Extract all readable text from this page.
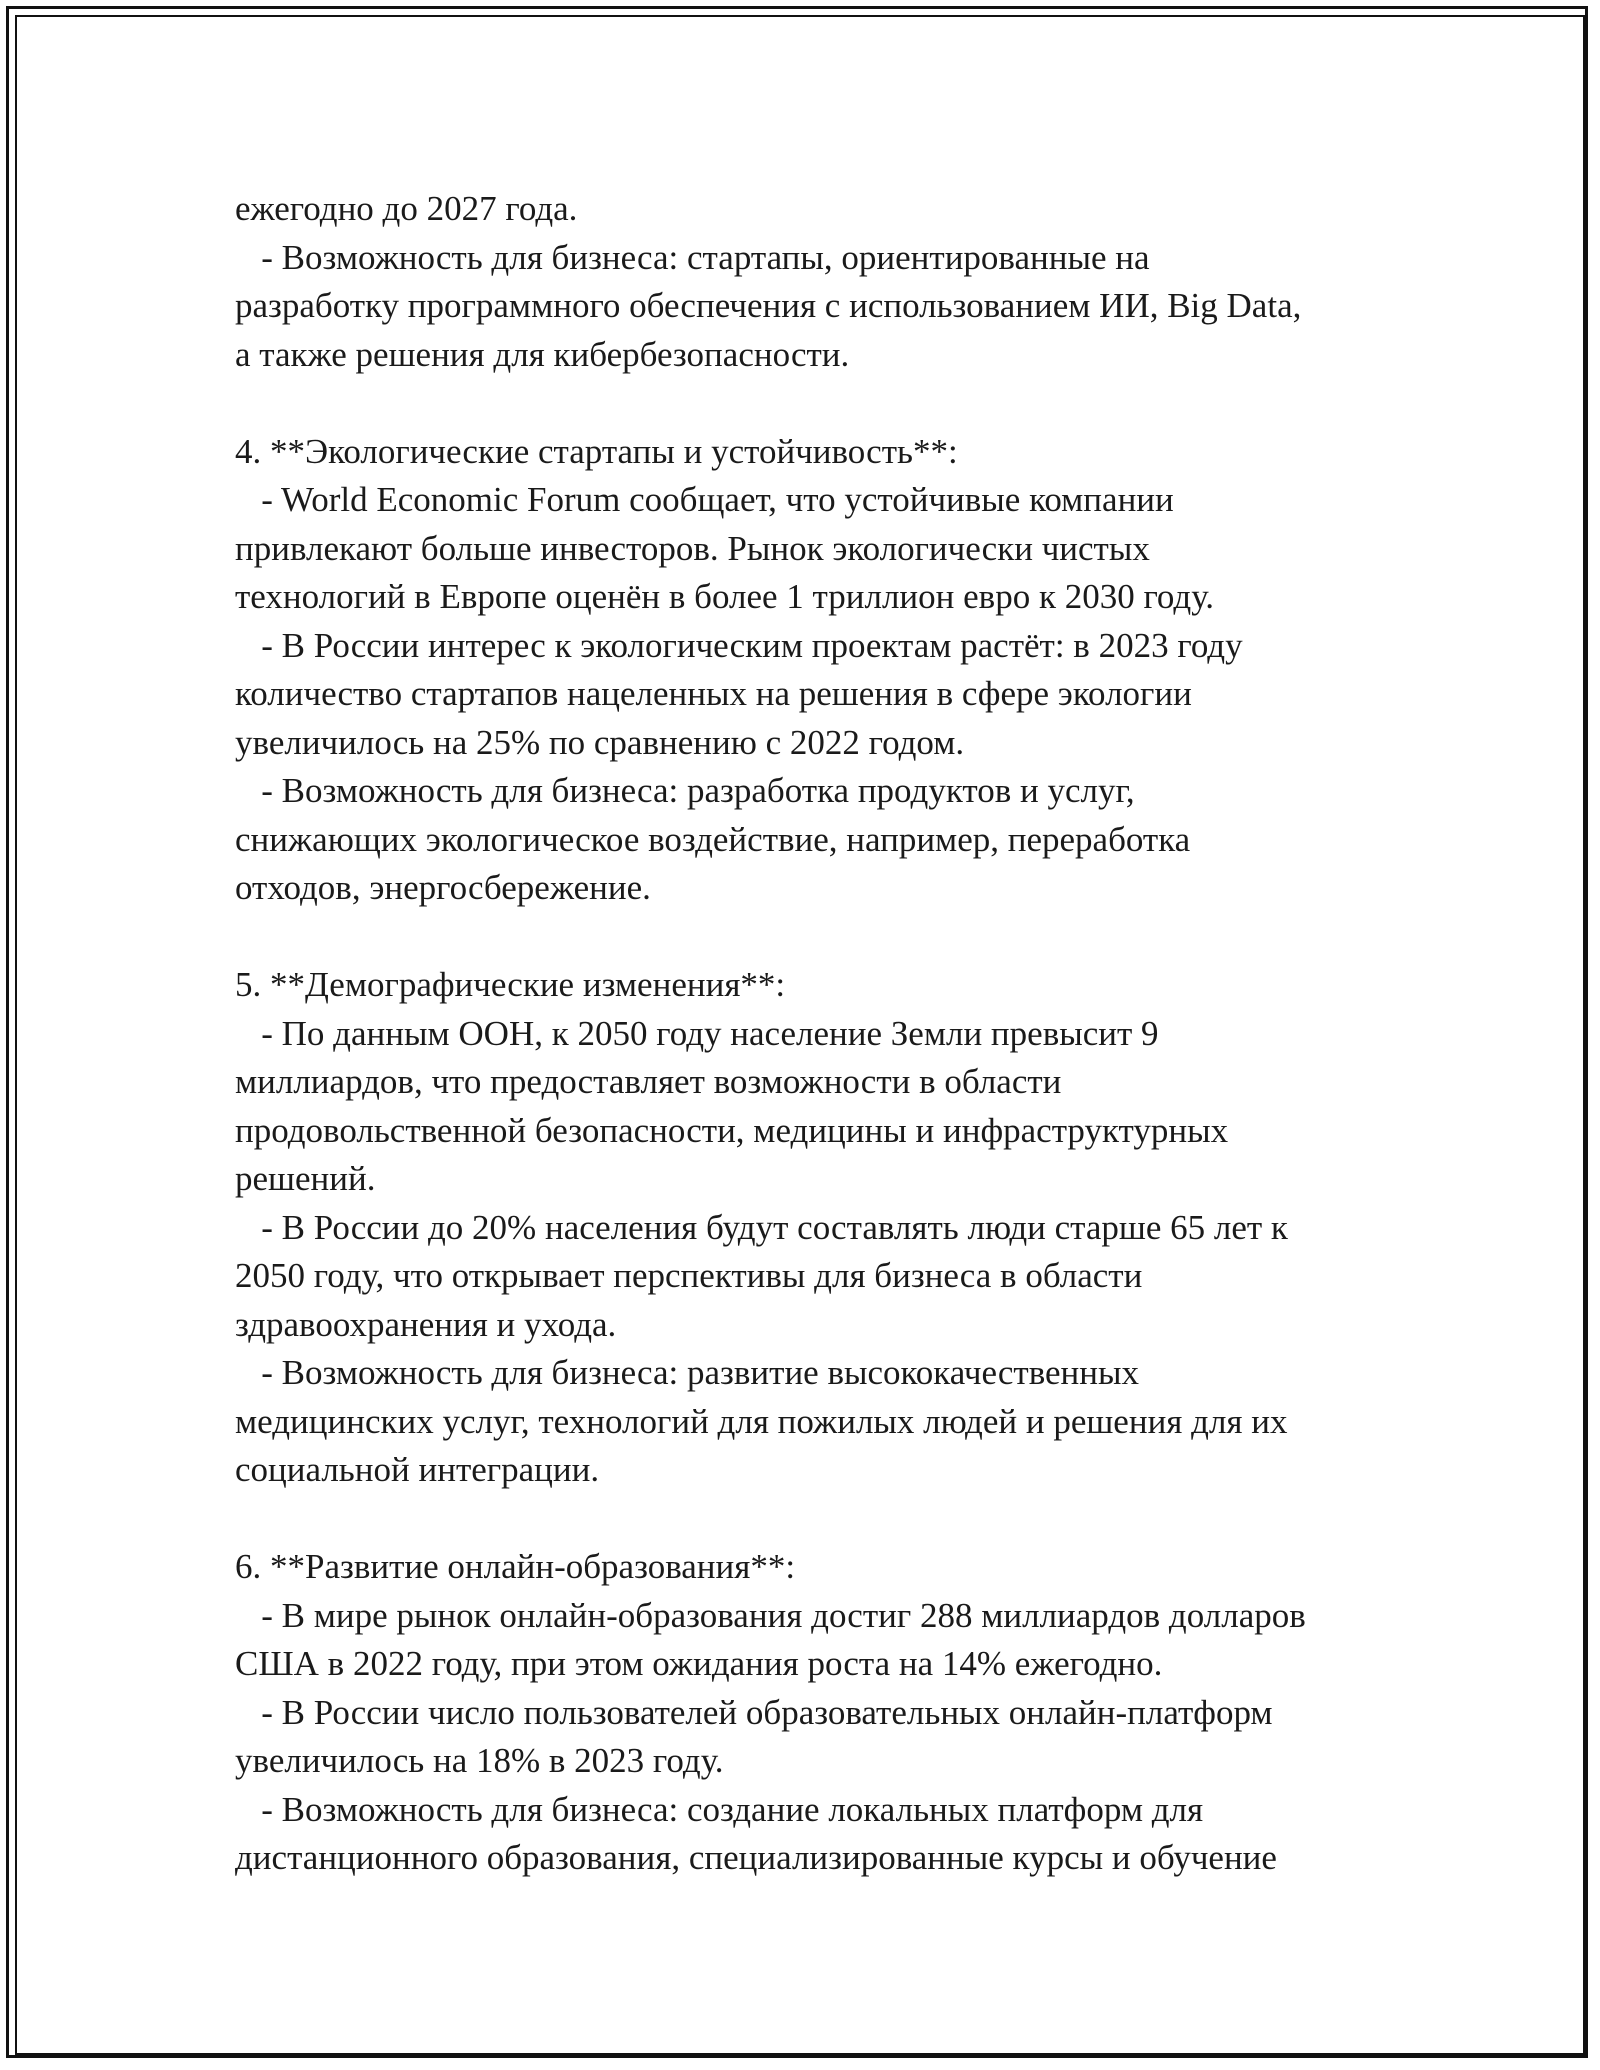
ежегодно до 2027 года.
- Возможность для бизнеса: стартапы, ориентированные на
разработку программного обеспечения с использованием ИИ, Big Data,
а также решения для кибербезопасности.
4. **Экологические стартапы и устойчивость**:
- World Economic Forum сообщает, что устойчивые компании
привлекают больше инвесторов. Рынок экологически чистых
технологий в Европе оценён в более 1 триллион евро к 2030 году.
- В России интерес к экологическим проектам растёт: в 2023 году
количество стартапов нацеленных на решения в сфере экологии
увеличилось на 25% по сравнению с 2022 годом.
- Возможность для бизнеса: разработка продуктов и услуг,
снижающих экологическое воздействие, например, переработка
отходов, энергосбережение.
5. **Демографические изменения**:
- По данным ООН, к 2050 году население Земли превысит 9
миллиардов, что предоставляет возможности в области
продовольственной безопасности, медицины и инфраструктурных
решений.
- В России до 20% населения будут составлять люди старше 65 лет к
2050 году, что открывает перспективы для бизнеса в области
здравоохранения и ухода.
- Возможность для бизнеса: развитие высококачественных
медицинских услуг, технологий для пожилых людей и решения для их
социальной интеграции.
6. **Развитие онлайн-образования**:
- В мире рынок онлайн-образования достиг 288 миллиардов долларов
США в 2022 году, при этом ожидания роста на 14% ежегодно.
- В России число пользователей образовательных онлайн-платформ
увеличилось на 18% в 2023 году.
- Возможность для бизнеса: создание локальных платформ для
дистанционного образования, специализированные курсы и обучение
